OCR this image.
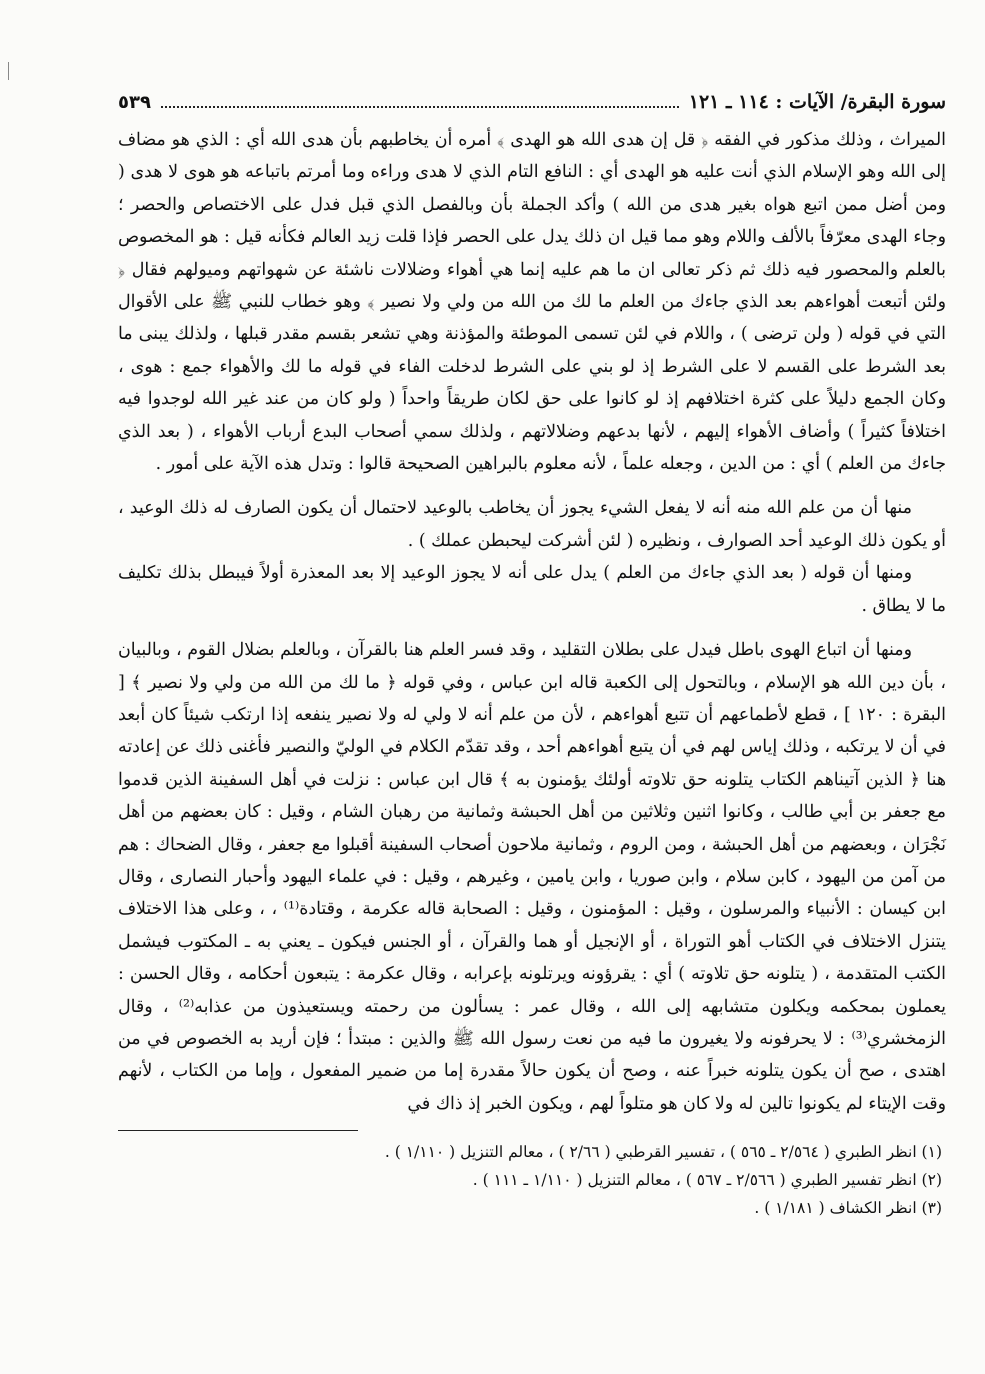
سورة البقرة/ الآيات : ١١٤ ـ ١٢١
٥٣٩

الميراث ، وذلك مذكور في الفقه ﴿ قل إن هدى الله هو الهدى ﴾ أمره أن يخاطبهم بأن هدى الله أي : الذي هو مضاف إلى الله وهو الإسلام الذي أنت عليه هو الهدى أي : النافع التام الذي لا هدى وراءه وما أمرتم باتباعه هو هوى لا هدى ( ومن أضل ممن اتبع هواه بغير هدى من الله ) وأكد الجملة بأن وبالفصل الذي قبل فدل على الاختصاص والحصر ؛ وجاء الهدى معرّفاً بالألف واللام وهو مما قيل ان ذلك يدل على الحصر فإذا قلت زيد العالم فكأنه قيل : هو المخصوص بالعلم والمحصور فيه ذلك ثم ذكر تعالى ان ما هم عليه إنما هي أهواء وضلالات ناشئة عن شهواتهم وميولهم فقال ﴿ ولئن أتبعت أهواءهم بعد الذي جاءك من العلم ما لك من الله من ولي ولا نصير ﴾ وهو خطاب للنبي ﷺ على الأقوال التي في قوله ( ولن ترضى ) ، واللام في لئن تسمى الموطئة والمؤذنة وهي تشعر بقسم مقدر قبلها ، ولذلك يبنى ما بعد الشرط على القسم لا على الشرط إذ لو بني على الشرط لدخلت الفاء في قوله ما لك والأهواء جمع : هوى ، وكان الجمع دليلاً على كثرة اختلافهم إذ لو كانوا على حق لكان طريقاً واحداً ( ولو كان من عند غير الله لوجدوا فيه اختلافاً كثيراً ) وأضاف الأهواء إليهم ، لأنها بدعهم وضلالاتهم ، ولذلك سمي أصحاب البدع أرباب الأهواء ، ( بعد الذي جاءك من العلم ) أي : من الدين ، وجعله علماً ، لأنه معلوم بالبراهين الصحيحة قالوا : وتدل هذه الآية على أمور .

منها أن من علم الله منه أنه لا يفعل الشيء يجوز أن يخاطب بالوعيد لاحتمال أن يكون الصارف له ذلك الوعيد ، أو يكون ذلك الوعيد أحد الصوارف ، ونظيره ( لئن أشركت ليحبطن عملك ) .

ومنها أن قوله ( بعد الذي جاءك من العلم ) يدل على أنه لا يجوز الوعيد إلا بعد المعذرة أولاً فيبطل بذلك تكليف ما لا يطاق .

ومنها أن اتباع الهوى باطل فيدل على بطلان التقليد ، وقد فسر العلم هنا بالقرآن ، وبالعلم بضلال القوم ، وبالبيان ، بأن دين الله هو الإسلام ، وبالتحول إلى الكعبة قاله ابن عباس ، وفي قوله ﴿ ما لك من الله من ولي ولا نصير ﴾ [ البقرة : ١٢٠ ] ، قطع لأطماعهم أن تتبع أهواءهم ، لأن من علم أنه لا ولي له ولا نصير ينفعه إذا ارتكب شيئاً كان أبعد في أن لا يرتكبه ، وذلك إياس لهم في أن يتبع أهواءهم أحد ، وقد تقدّم الكلام في الوليّ والنصير فأغنى ذلك عن إعادته هنا ﴿ الذين آتيناهم الكتاب يتلونه حق تلاوته أولئك يؤمنون به ﴾ قال ابن عباس : نزلت في أهل السفينة الذين قدموا مع جعفر بن أبي طالب ، وكانوا اثنين وثلاثين من أهل الحبشة وثمانية من رهبان الشام ، وقيل : كان بعضهم من أهل نَجْرَان ، وبعضهم من أهل الحبشة ، ومن الروم ، وثمانية ملاحون أصحاب السفينة أقبلوا مع جعفر ، وقال الضحاك : هم من آمن من اليهود ، كابن سلام ، وابن صوريا ، وابن يامين ، وغيرهم ، وقيل : في علماء اليهود وأحبار النصارى ، وقال ابن كيسان : الأنبياء والمرسلون ، وقيل : المؤمنون ، وقيل : الصحابة قاله عكرمة ، وقتادة⁽¹⁾ ، ، وعلى هذا الاختلاف يتنزل الاختلاف في الكتاب أهو التوراة ، أو الإنجيل أو هما والقرآن ، أو الجنس فيكون ـ يعني به ـ المكتوب فيشمل الكتب المتقدمة ، ( يتلونه حق تلاوته ) أي : يقرؤونه ويرتلونه بإعرابه ، وقال عكرمة : يتبعون أحكامه ، وقال الحسن : يعملون بمحكمه ويكلون متشابهه إلى الله ، وقال عمر : يسألون من رحمته ويستعيذون من عذابه⁽²⁾ ، وقال الزمخشري⁽³⁾ : لا يحرفونه ولا يغيرون ما فيه من نعت رسول الله ﷺ والذين : مبتدأ ؛ فإن أريد به الخصوص في من اهتدى ، صح أن يكون يتلونه خبراً عنه ، وصح أن يكون حالاً مقدرة إما من ضمير المفعول ، وإما من الكتاب ، لأنهم وقت الإيتاء لم يكونوا تالين له ولا كان هو متلواً لهم ، ويكون الخبر إذ ذاك في

(١) انظر الطبري ( ٢/٥٦٤ ـ ٥٦٥ ) ، تفسير القرطبي ( ٢/٦٦ ) ، معالم التنزيل ( ١/١١٠ ) .

(٢) انظر تفسير الطبري ( ٢/٥٦٦ ـ ٥٦٧ ) ، معالم التنزيل ( ١/١١٠ ـ ١١١ ) .

(٣) انظر الكشاف ( ١/١٨١ ) .
